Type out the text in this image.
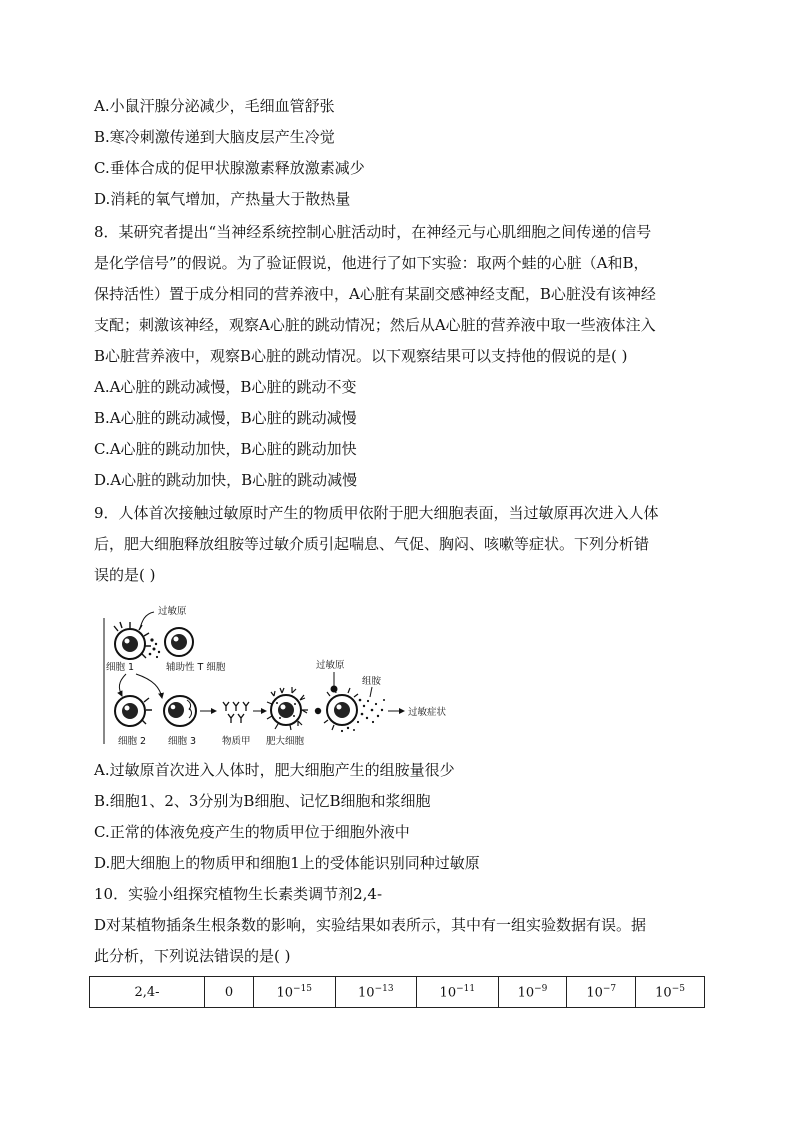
A.小鼠汗腺分泌减少，毛细血管舒张
B.寒冷刺激传递到大脑皮层产生冷觉
C.垂体合成的促甲状腺激素释放激素减少
D.消耗的氧气增加，产热量大于散热量
8．某研究者提出“当神经系统控制心脏活动时，在神经元与心肌细胞之间传递的信号
是化学信号”的假说。为了验证假说，他进行了如下实验：取两个蛙的心脏（A和B，
保持活性）置于成分相同的营养液中，A心脏有某副交感神经支配，B心脏没有该神经
支配；刺激该神经，观察A心脏的跳动情况；然后从A心脏的营养液中取一些液体注入
B心脏营养液中，观察B心脏的跳动情况。以下观察结果可以支持他的假说的是( )
A.A心脏的跳动减慢，B心脏的跳动不变
B.A心脏的跳动减慢，B心脏的跳动减慢
C.A心脏的跳动加快，B心脏的跳动加快
D.A心脏的跳动加快，B心脏的跳动减慢
9．人体首次接触过敏原时产生的物质甲依附于肥大细胞表面，当过敏原再次进入人体
后，肥大细胞释放组胺等过敏介质引起喘息、气促、胸闷、咳嗽等症状。下列分析错
误的是( )
过敏原
细胞 1	辅助性 T 细胞
细胞 2 细胞 3	物质甲 肥大细胞
过敏原
组胺
过敏症状
A.过敏原首次进入人体时，肥大细胞产生的组胺量很少
B.细胞1、2、3分别为B细胞、记忆B细胞和浆细胞
C.正常的体液免疫产生的物质甲位于细胞外液中
D.肥大细胞上的物质甲和细胞1上的受体能识别同种过敏原
10．实验小组探究植物生长素类调节剂2,4-
D对某植物插条生根条数的影响，实验结果如表所示，其中有一组实验数据有误。据
此分析，下列说法错误的是( )
2,4-	0	$10^{-15}$	$10^{-13}$	$10^{-11}$	$10^{-9}$	$10^{-7}$	$10^{-5}$
